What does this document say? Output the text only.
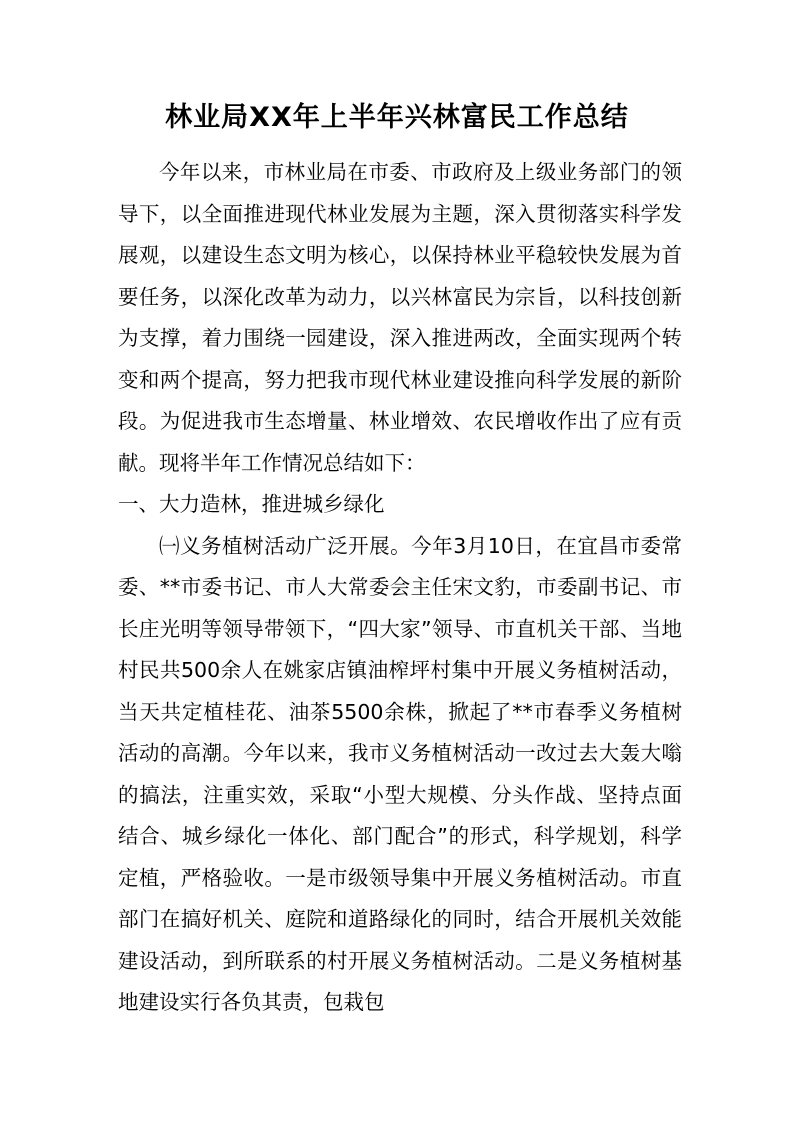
林业局XX年上半年兴林富民工作总结

今年以来，市林业局在市委、市政府及上级业务部门的领导下，以全面推进现代林业发展为主题，深入贯彻落实科学发展观，以建设生态文明为核心，以保持林业平稳较快发展为首要任务，以深化改革为动力，以兴林富民为宗旨，以科技创新为支撑，着力围绕一园建设，深入推进两改，全面实现两个转变和两个提高，努力把我市现代林业建设推向科学发展的新阶段。为促进我市生态增量、林业增效、农民增收作出了应有贡献。现将半年工作情况总结如下：

一、大力造林，推进城乡绿化

㈠义务植树活动广泛开展。今年3月10日，在宜昌市委常委、**市委书记、市人大常委会主任宋文豹，市委副书记、市长庄光明等领导带领下，“四大家”领导、市直机关干部、当地村民共500余人在姚家店镇油榨坪村集中开展义务植树活动，当天共定植桂花、油茶5500余株，掀起了**市春季义务植树活动的高潮。今年以来，我市义务植树活动一改过去大轰大嗡的搞法，注重实效，采取“小型大规模、分头作战、坚持点面结合、城乡绿化一体化、部门配合”的形式，科学规划，科学定植，严格验收。一是市级领导集中开展义务植树活动。市直部门在搞好机关、庭院和道路绿化的同时，结合开展机关效能建设活动，到所联系的村开展义务植树活动。二是义务植树基地建设实行各负其责，包栽包
